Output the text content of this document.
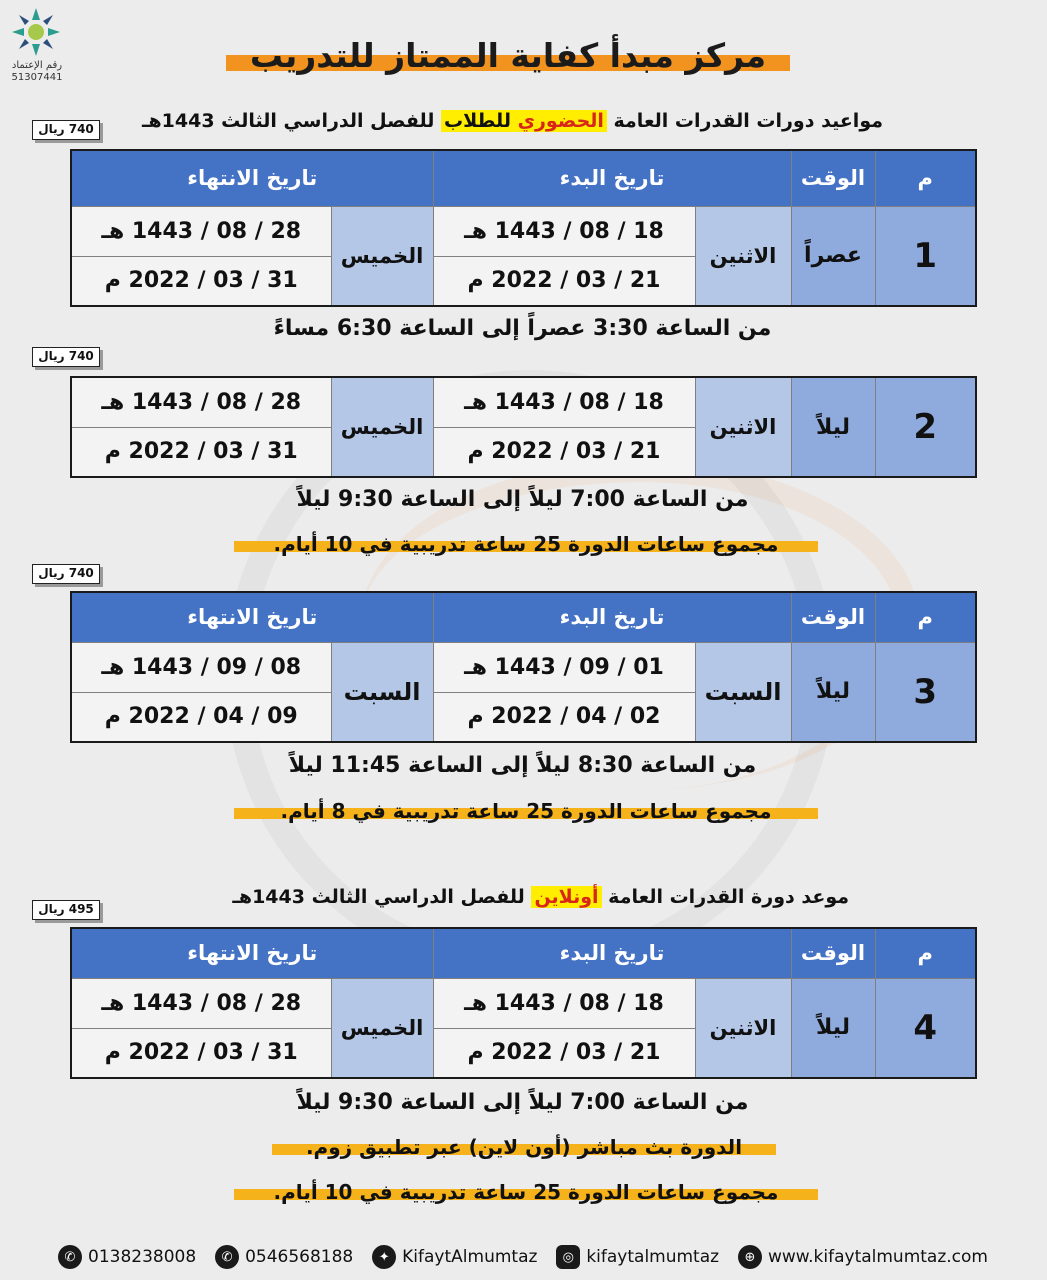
رقم الإعتماد
51307441
مركز مبدأ كفاية الممتاز للتدريب
مواعيد دورات القدرات العامة الحضوري للطلاب للفصل الدراسي الثالث 1443هـ
740 ريال
م	الوقت	تاريخ البدء		تاريخ الانتهاء	
1	عصراً	الاثنين	18 / 08 / 1443 هـ	الخميس	28 / 08 / 1443 هـ
			21 / 03 / 2022 م		31 / 03 / 2022 م
من الساعة 3:30 عصراً إلى الساعة 6:30 مساءً
740 ريال
2	ليلاً	الاثنين	18 / 08 / 1443 هـ	الخميس	28 / 08 / 1443 هـ
			21 / 03 / 2022 م		31 / 03 / 2022 م
من الساعة 7:00 ليلاً إلى الساعة 9:30 ليلاً
مجموع ساعات الدورة 25 ساعة تدريبية في 10 أيام.
740 ريال
م	الوقت	تاريخ البدء		تاريخ الانتهاء	
3	ليلاً	السبت	01 / 09 / 1443 هـ	السبت	08 / 09 / 1443 هـ
			02 / 04 / 2022 م		09 / 04 / 2022 م
من الساعة 8:30 ليلاً إلى الساعة 11:45 ليلاً
مجموع ساعات الدورة 25 ساعة تدريبية في 8 أيام.
موعد دورة القدرات العامة أونلاين للفصل الدراسي الثالث 1443هـ
495 ريال
م	الوقت	تاريخ البدء		تاريخ الانتهاء	
4	ليلاً	الاثنين	18 / 08 / 1443 هـ	الخميس	28 / 08 / 1443 هـ
			21 / 03 / 2022 م		31 / 03 / 2022 م
من الساعة 7:00 ليلاً إلى الساعة 9:30 ليلاً
الدورة بث مباشر (أون لاين) عبر تطبيق زوم.
مجموع ساعات الدورة 25 ساعة تدريبية في 10 أيام.
✆ 0138238008	✆ 0546568188	✦ KifaytAlmumtaz	◎ kifaytalmumtaz	⊕ www.kifaytalmumtaz.com
